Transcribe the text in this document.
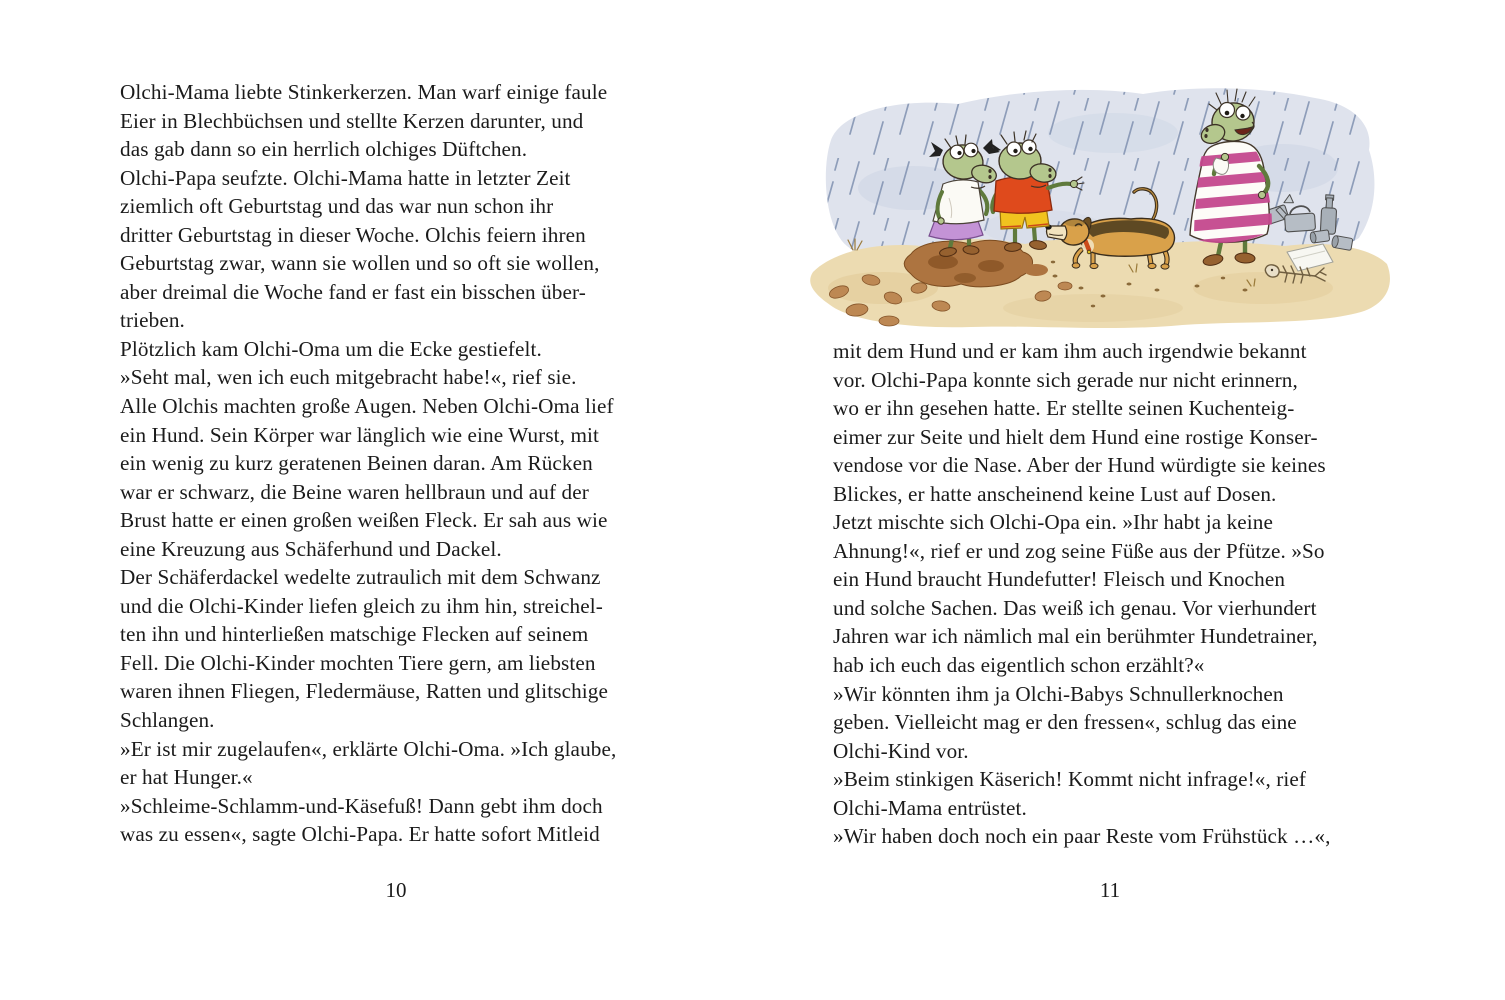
Olchi-Mama liebte Stinkerkerzen. Man warf einige faule
Eier in Blechbüchsen und stellte Kerzen darunter, und
das gab dann so ein herrlich olchiges Düftchen.
Olchi-Papa seufzte. Olchi-Mama hatte in letzter Zeit
ziemlich oft Geburtstag und das war nun schon ihr
dritter Geburtstag in dieser Woche. Olchis feiern ihren
Geburtstag zwar, wann sie wollen und so oft sie wollen,
aber dreimal die Woche fand er fast ein bisschen über-
trieben.
Plötzlich kam Olchi-Oma um die Ecke gestiefelt.
»Seht mal, wen ich euch mitgebracht habe!«, rief sie.
Alle Olchis machten große Augen. Neben Olchi-Oma lief
ein Hund. Sein Körper war länglich wie eine Wurst, mit
ein wenig zu kurz geratenen Beinen daran. Am Rücken
war er schwarz, die Beine waren hellbraun und auf der
Brust hatte er einen großen weißen Fleck. Er sah aus wie
eine Kreuzung aus Schäferhund und Dackel.
Der Schäferdackel wedelte zutraulich mit dem Schwanz
und die Olchi-Kinder liefen gleich zu ihm hin, streichel-
ten ihn und hinterließen matschige Flecken auf seinem
Fell. Die Olchi-Kinder mochten Tiere gern, am liebsten
waren ihnen Fliegen, Fledermäuse, Ratten und glitschige
Schlangen.
»Er ist mir zugelaufen«, erklärte Olchi-Oma. »Ich glaube,
er hat Hunger.«
»Schleime-Schlamm-und-Käsefuß! Dann gebt ihm doch
was zu essen«, sagte Olchi-Papa. Er hatte sofort Mitleid
10
mit dem Hund und er kam ihm auch irgendwie bekannt
vor. Olchi-Papa konnte sich gerade nur nicht erinnern,
wo er ihn gesehen hatte. Er stellte seinen Kuchenteig-
eimer zur Seite und hielt dem Hund eine rostige Konser-
vendose vor die Nase. Aber der Hund würdigte sie keines
Blickes, er hatte anscheinend keine Lust auf Dosen.
Jetzt mischte sich Olchi-Opa ein. »Ihr habt ja keine
Ahnung!«, rief er und zog seine Füße aus der Pfütze. »So
ein Hund braucht Hundefutter! Fleisch und Knochen
und solche Sachen. Das weiß ich genau. Vor vierhundert
Jahren war ich nämlich mal ein berühmter Hundetrainer,
hab ich euch das eigentlich schon erzählt?«
»Wir könnten ihm ja Olchi-Babys Schnullerknochen
geben. Vielleicht mag er den fressen«, schlug das eine
Olchi-Kind vor.
»Beim stinkigen Käserich! Kommt nicht infrage!«, rief
Olchi-Mama entrüstet.
»Wir haben doch noch ein paar Reste vom Frühstück …«,
11
